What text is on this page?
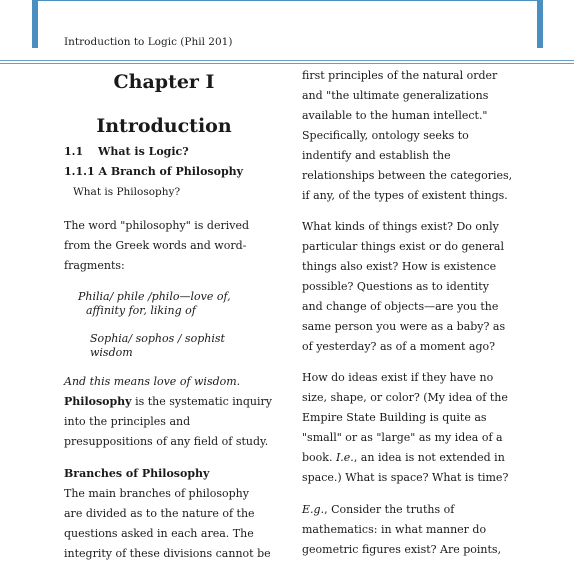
Introduction to Logic (Phil 201)
Chapter I
Introduction
1.1 What is Logic?
1.1.1 A Branch of Philosophy
What is Philosophy?
The word "philosophy" is derived
from the Greek words and word-
fragments:
Philia/ phile /philo—love of,
affinity for, liking of
Sophia/ sophos / sophist
wisdom
And this means love of wisdom.
Philosophy is the systematic inquiry
into the principles and
presuppositions of any field of study.
Branches of Philosophy
The main branches of philosophy
are divided as to the nature of the
questions asked in each area. The
integrity of these divisions cannot be
first principles of the natural order
and "the ultimate generalizations
available to the human intellect."
Specifically, ontology seeks to
indentify and establish the
relationships between the categories,
if any, of the types of existent things.
What kinds of things exist? Do only
particular things exist or do general
things also exist? How is existence
possible? Questions as to identity
and change of objects—are you the
same person you were as a baby? as
of yesterday? as of a moment ago?
How do ideas exist if they have no
size, shape, or color? (My idea of the
Empire State Building is quite as
"small" or as "large" as my idea of a
book. I.e., an idea is not extended in
space.) What is space? What is time?
E.g., Consider the truths of
mathematics: in what manner do
geometric figures exist? Are points,
